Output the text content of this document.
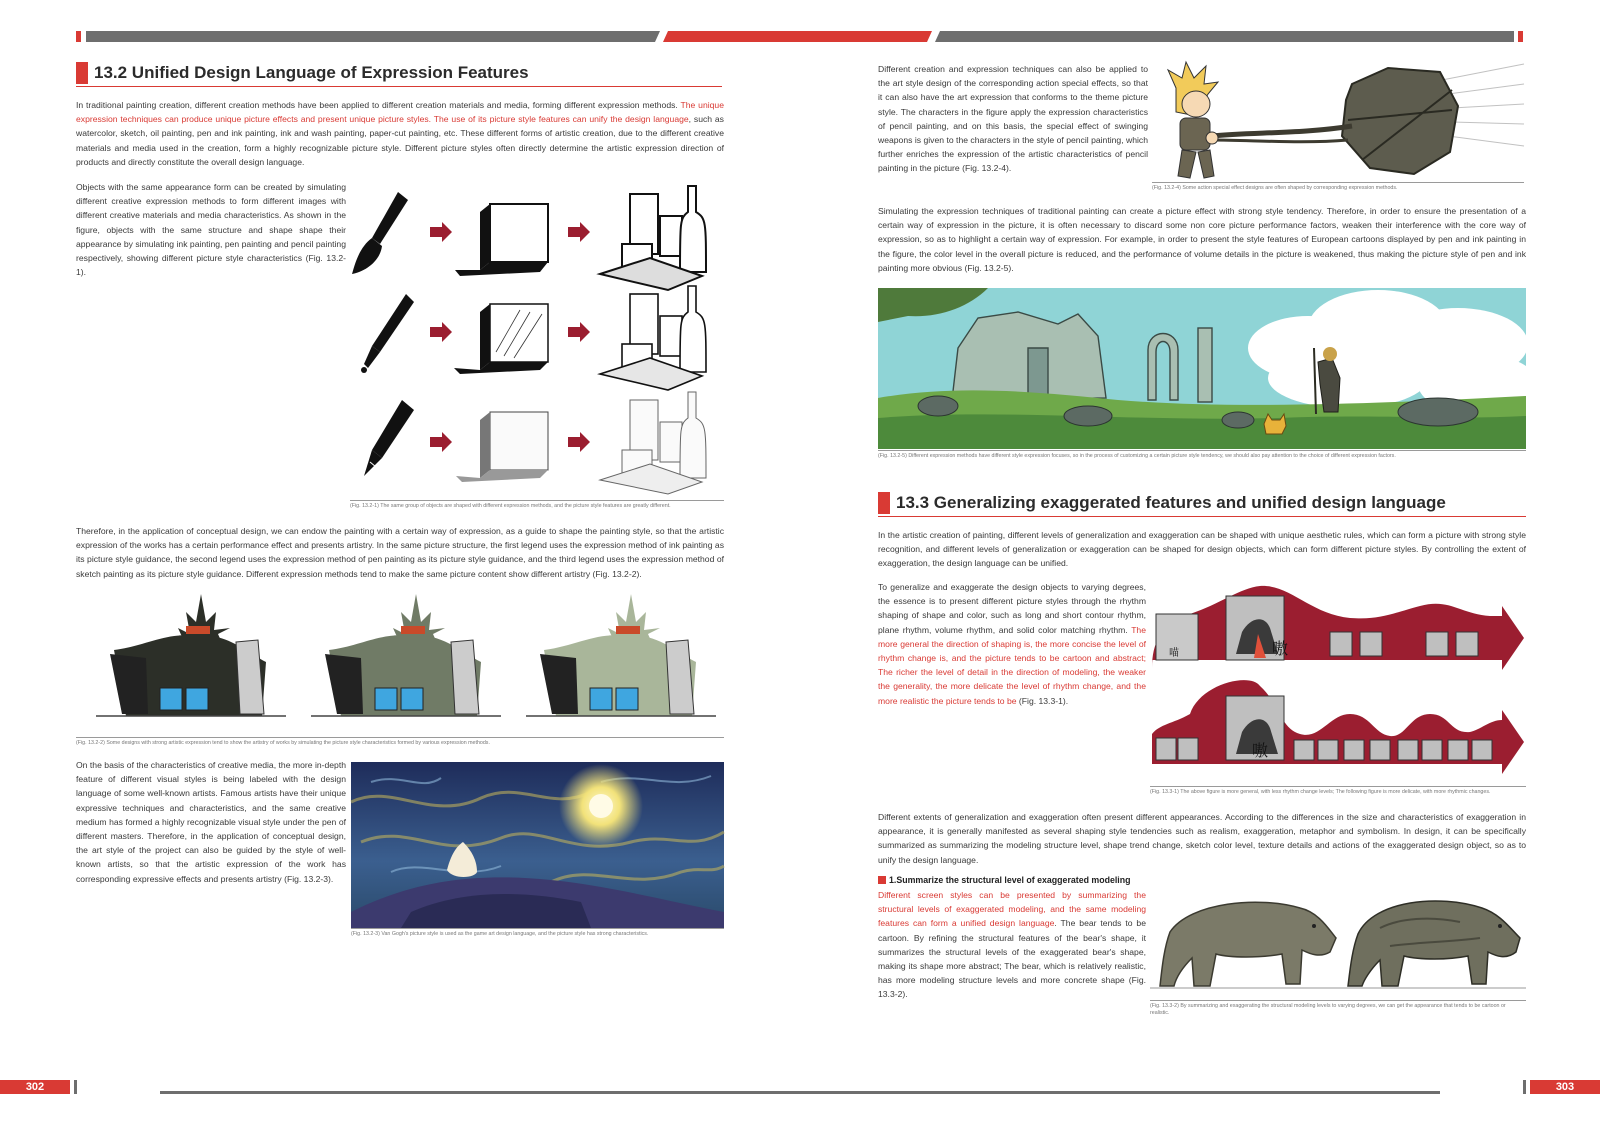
13.2 Unified Design Language of Expression Features

In traditional painting creation, different creation methods have been applied to different creation materials and media, forming different expression methods. The unique expression techniques can produce unique picture effects and present unique picture styles. The use of its picture style features can unify the design language, such as watercolor, sketch, oil painting, pen and ink painting, ink and wash painting, paper-cut painting, etc. These different forms of artistic creation, due to the different creative materials and media used in the creation, form a highly recognizable picture style. Different picture styles often directly determine the artistic expression direction of products and directly constitute the overall design language.

Objects with the same appearance form can be created by simulating different creative expression methods to form different images with different creative materials and media characteristics. As shown in the figure, objects with the same structure and shape shape their appearance by simulating ink painting, pen painting and pencil painting respectively, showing different picture style characteristics (Fig. 13.2-1).

(Fig. 13.2-1) The same group of objects are shaped with different expression methods, and the picture style features are greatly different.

Therefore, in the application of conceptual design, we can endow the painting with a certain way of expression, as a guide to shape the painting style, so that the artistic expression of the works has a certain performance effect and presents artistry. In the same picture structure, the first legend uses the expression method of ink painting as its picture style guidance, the second legend uses the expression method of pen painting as its picture style guidance, and the third legend uses the expression method of sketch painting as its picture style guidance. Different expression methods tend to make the same picture content show different artistry (Fig. 13.2-2).

(Fig. 13.2-2) Some designs with strong artistic expression tend to show the artistry of works by simulating the picture style characteristics formed by various expression methods.

On the basis of the characteristics of creative media, the more in-depth feature of different visual styles is being labeled with the design language of some well-known artists. Famous artists have their unique expressive techniques and characteristics, and the same creative medium has formed a highly recognizable visual style under the pen of different masters. Therefore, in the application of conceptual design, the art style of the project can also be guided by the style of well-known artists, so that the artistic expression of the work has corresponding expressive effects and presents artistry (Fig. 13.2-3).

(Fig. 13.2-3) Van Gogh's picture style is used as the game art design language, and the picture style has strong characteristics.

Different creation and expression techniques can also be applied to the art style design of the corresponding action special effects, so that it can also have the art expression that conforms to the theme picture style. The characters in the figure apply the expression characteristics of pencil painting, and on this basis, the special effect of swinging weapons is given to the characters in the style of pencil painting, which further enriches the expression of the artistic characteristics of pencil painting in the picture (Fig. 13.2-4).

(Fig. 13.2-4) Some action special effect designs are often shaped by corresponding expression methods.

Simulating the expression techniques of traditional painting can create a picture effect with strong style tendency. Therefore, in order to ensure the presentation of a certain way of expression in the picture, it is often necessary to discard some non core picture performance factors, weaken their interference with the core way of expression, so as to highlight a certain way of expression. For example, in order to present the style features of European cartoons displayed by pen and ink painting in the figure, the color level in the overall picture is reduced, and the performance of volume details in the picture is weakened, thus making the picture style of pen and ink painting more obvious (Fig. 13.2-5).

(Fig. 13.2-5) Different expression methods have different style expression focuses, so in the process of customizing a certain picture style tendency, we should also pay attention to the choice of different expression factors.
13.3 Generalizing exaggerated features and unified design language

In the artistic creation of painting, different levels of generalization and exaggeration can be shaped with unique aesthetic rules, which can form a picture with strong style recognition, and different levels of generalization or exaggeration can be shaped for design objects, which can form different picture styles. By controlling the extent of exaggeration, the design language can be unified.

To generalize and exaggerate the design objects to varying degrees, the essence is to present different picture styles through the rhythm shaping of shape and color, such as long and short contour rhythm, plane rhythm, volume rhythm, and solid color matching rhythm. The more general the direction of shaping is, the more concise the level of rhythm change is, and the picture tends to be cartoon and abstract; The richer the level of detail in the direction of modeling, the weaker the generality, the more delicate the level of rhythm change, and the more realistic the picture tends to be (Fig. 13.3-1).

喵	嗷
嗷
(Fig. 13.3-1) The above figure is more general, with less rhythm change levels; The following figure is more delicate, with more rhythmic changes.

Different extents of generalization and exaggeration often present different appearances. According to the differences in the size and characteristics of exaggeration in appearance, it is generally manifested as several shaping style tendencies such as realism, exaggeration, metaphor and symbolism. In design, it can be specifically summarized as summarizing the modeling structure level, shape trend change, sketch color level, texture details and actions of the exaggerated design object, so as to unify the design language.

1.Summarize the structural level of exaggerated modeling

Different screen styles can be presented by summarizing the structural levels of exaggerated modeling, and the same modeling features can form a unified design language. The bear tends to be cartoon. By refining the structural features of the bear's shape, it summarizes the structural levels of the exaggerated bear's shape, making its shape more abstract; The bear, which is relatively realistic, has more modeling structure levels and more concrete shape (Fig. 13.3-2).

(Fig. 13.3-2) By summarizing and exaggerating the structural modeling levels to varying degrees, we can get the appearance that tends to be cartoon or realistic.
302	303
